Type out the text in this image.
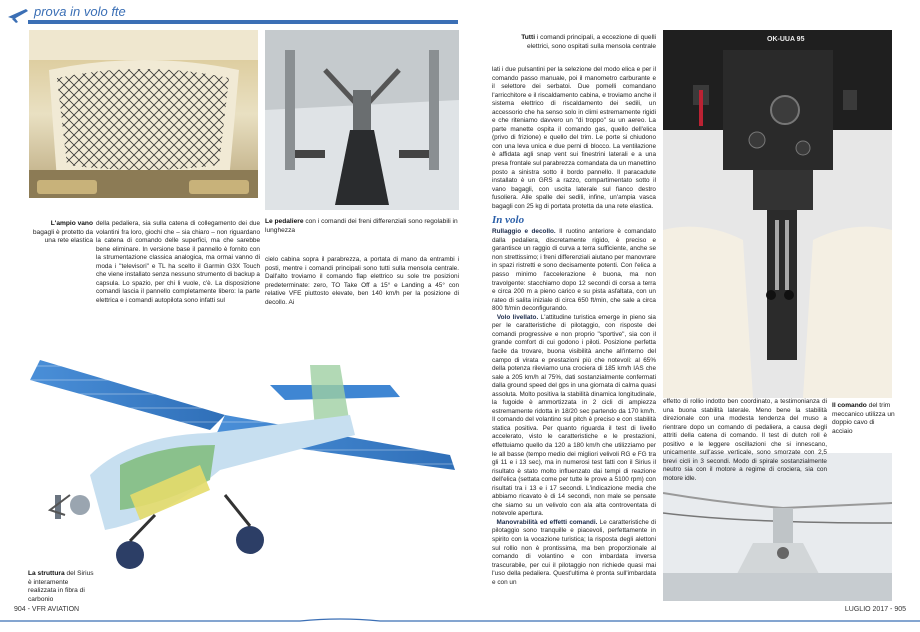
prova in volo fte
OK-UUA 95
L'ampio vano bagagli è protetto da una rete elastica
Le pedaliere con i comandi dei freni differenziali sono regolabili in lunghezza
La struttura del Sirius è interamente realizzata in fibra di carbonio
Tutti i comandi principali, a eccezione di quelli elettrici, sono ospitati sulla mensola centrale
Il comando del trim meccanico utilizza un doppio cavo di acciaio

della pedaliera, sia sulla catena di collegamento dei due volantini fra loro, giochi che – sia chiaro – non riguardano la catena di comando delle superfici, ma che sarebbe bene eliminare. In versione base il pannello è fornito con la strumentazione classica analogica, ma ormai vanno di moda i "televisori" e TL ha scelto il Garmin G3X Touch che viene installato senza nessuno strumento di backup a capsula. Lo spazio, per chi li vuole, c'è. La disposizione comandi lascia il pannello completamente libero: la parte elettrica e i comandi autopilota sono infatti sul

cielo cabina sopra il parabrezza, a portata di mano da entrambi i posti, mentre i comandi principali sono tutti sulla mensola centrale. Dall'alto troviamo il comando flap elettrico su sole tre posizioni predeterminate: zero, TO Take Off a 15° e Landing a 45° con relative VFE piuttosto elevate, ben 140 km/h per la posizione di decollo. Ai

lati i due pulsantini per la selezione del modo elica e per il comando passo manuale, poi il manometro carburante e il selettore dei serbatoi. Due pomelli comandano l'arricchitore e il riscaldamento cabina, e troviamo anche il sistema elettrico di riscaldamento dei sedili, un accessorio che ha senso solo in climi estremamente rigidi e che riteniamo davvero un "di troppo" su un aereo. La parte manette ospita il comando gas, quello dell'elica (privo di frizione) e quello del trim. Le porte si chiudono con una leva unica e due perni di blocco. La ventilazione è affidata agli snap vent sui finestrini laterali e a una presa frontale sul parabrezza comandata da un manettino posto a sinistra sotto il bordo pannello. Il paracadute installato è un GRS a razzo, compartimentato sotto il vano bagagli, con uscita laterale sul fianco destro fusoliera. Alle spalle dei sedili, infine, un'ampia vasca bagagli con 25 kg di portata protetta da una rete elastica.

In volo

Rullaggio e decollo. Il ruotino anteriore è comandato dalla pedaliera, discretamente rigido, è preciso e garantisce un raggio di curva a terra sufficiente, anche se non strettissimo; i freni differenziali aiutano per manovrare in spazi ristretti e sono decisamente potenti. Con l'elica a passo minimo l'accelerazione è buona, ma non travolgente: stacchiamo dopo 12 secondi di corsa a terra e circa 200 m a pieno carico e su pista asfaltata, con un rateo di salita iniziale di circa 650 ft/min, che sale a circa 800 ft/min deconfigurando.

Volo livellato. L'attitudine turistica emerge in pieno sia per le caratteristiche di pilotaggio, con risposte dei comandi progressive e non proprio "sportive", sia con il grande comfort di cui godono i piloti. Posizione perfetta facile da trovare, buona visibilità anche all'interno del campo di virata e prestazioni più che notevoli: al 65% della potenza rileviamo una crociera di 185 km/h IAS che sale a 205 km/h al 75%, dati sostanzialmente confermati dalla ground speed del gps in una giornata di calma quasi assoluta. Molto positiva la stabilità dinamica longitudinale, la fugoide è ammortizzata in 2 cicli di ampiezza estremamente ridotta in 18/20 sec partendo da 170 km/h. Il comando del volantino sul pitch è preciso e con stabilità statica positiva. Per quanto riguarda il test di livello accelerato, visto le caratteristiche e le prestazioni, effettuiamo quello da 120 a 180 km/h che utilizziamo per le all basse (tempo medio dei migliori velivoli RG e FG tra gli 11 e i 13 sec), ma in numerosi test fatti con il Sirius il risultato è stato molto influenzato dai tempi di reazione dell'elica (settata come per tutte le prove a 5100 rpm) con risultati tra i 13 e i 17 secondi. L'indicazione media che abbiamo ricavato è di 14 secondi, non male se pensate che siamo su un velivolo con ala alta controventata di notevole apertura.

Manovrabilità ed effetti comandi. Le caratteristiche di pilotaggio sono tranquille e piacevoli, perfettamente in spirito con la vocazione turistica; la risposta degli alettoni sul rollio non è prontissima, ma ben proporzionale al comando di volantino e con imbardata inversa trascurabile, per cui il pilotaggio non richiede quasi mai l'uso della pedaliera. Quest'ultima è pronta sull'imbardata e con un

effetto di rollio indotto ben coordinato, a testimonianza di una buona stabilità laterale. Meno bene la stabilità direzionale con una modesta tendenza del muso a rientrare dopo un comando di pedaliera, a causa degli attriti della catena di comando. Il test di dutch roll è positivo e le leggere oscillazioni che si innescano, unicamente sull'asse verticale, sono smorzate con 2,5 brevi cicli in 3 secondi. Modo di spirale sostanzialmente neutro sia con il motore a regime di crociera, sia con motore idle.

904 - VFR AVIATION	LUGLIO 2017 - 905
